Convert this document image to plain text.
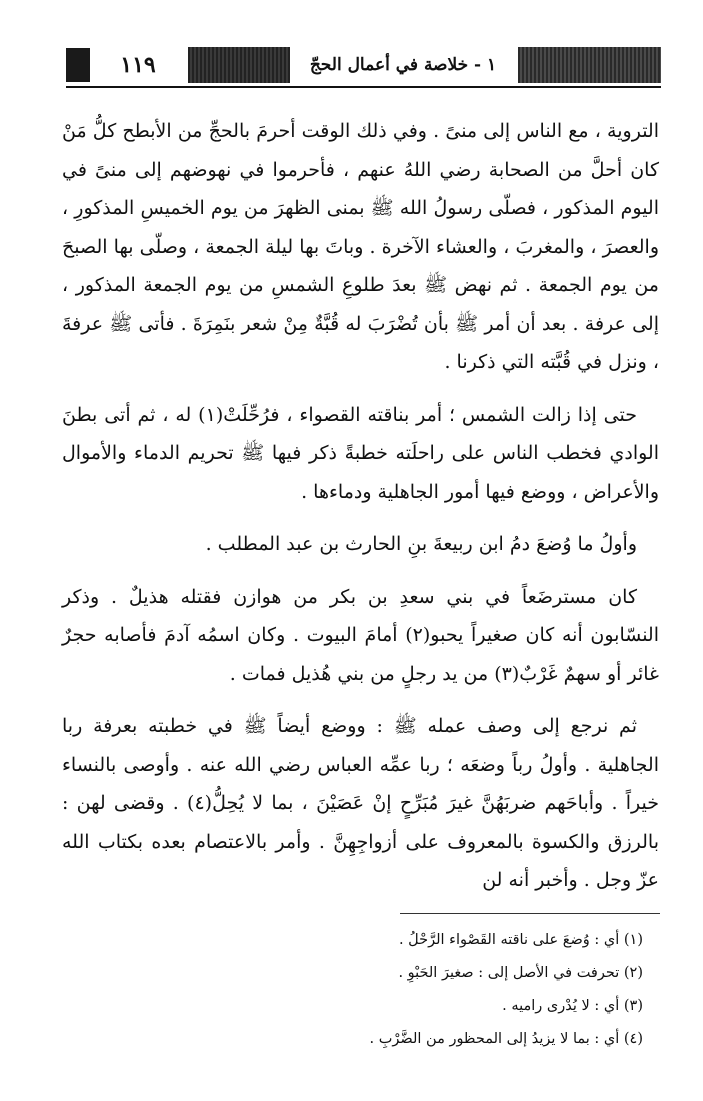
١١٩	١ - خلاصة في أعمال الحجّ

التروية ، مع الناس إلى منىً . وفي ذلك الوقت أحرمَ بالحجِّ من الأبطح كلُّ مَنْ كان أحلَّ من الصحابة رضي اللهُ عنهم ، فأحرموا في نهوضهم إلى منىً في اليوم المذكور ، فصلّى رسولُ الله ﷺ بمنى الظهرَ من يوم الخميسِ المذكورِ ، والعصرَ ، والمغربَ ، والعشاء الآخرة . وباتَ بها ليلة الجمعة ، وصلّى بها الصبحَ من يوم الجمعة . ثم نهض ﷺ بعدَ طلوعِ الشمسِ من يوم الجمعة المذكور ، إلى عرفة . بعد أن أمر ﷺ بأن تُضْرَبَ له قُبَّةٌ مِنْ شعر بنَمِرَةَ . فأتى ﷺ عرفةَ ، ونزل في قُبَّته التي ذكرنا .

حتى إذا زالت الشمس ؛ أمر بناقته القصواء ، فرُحِّلَتْ(١) له ، ثم أتى بطنَ الوادي فخطب الناس على راحلَته خطبةً ذكر فيها ﷺ تحريم الدماء والأموال والأعراض ، ووضع فيها أمور الجاهلية ودماءها .

وأولُ ما وُضعَ دمُ ابن ربيعةَ بنِ الحارث بن عبد المطلب .

كان مسترضَعاً في بني سعدِ بن بكر من هوازن فقتله هذيلٌ . وذكر النسّابون أنه كان صغيراً يحبو(٢) أمامَ البيوت . وكان اسمُه آدمَ فأصابه حجرٌ غائر أو سهمٌ غَرْبٌ(٣) من يد رجلٍ من بني هُذيل فمات .

ثم نرجع إلى وصف عمله ﷺ : ووضع أيضاً ﷺ في خطبته بعرفة ربا الجاهلية . وأولُ رباً وضعَه ؛ ربا عمِّه العباس رضي الله عنه . وأوصى بالنساء خيراً . وأباحَهم ضربَهُنَّ غيرَ مُبَرِّحٍ إنْ عَصَيْنَ ، بما لا يُحِلُّ(٤) . وقضى لهن : بالرزق والكسوة بالمعروف على أزواجِهِنَّ . وأمر بالاعتصام بعده بكتاب الله عزّ وجل . وأخبر أنه لن

(١) أي : وُضعَ على ناقته القَصْواء الرَّحْلُ .
(٢) تحرفت في الأصل إلى : صغيرَ الحَبْوِ .
(٣) أي : لا يُدْرى راميه .
(٤) أي : بما لا يزيدُ إلى المحظور من الضَّرْبِ .
